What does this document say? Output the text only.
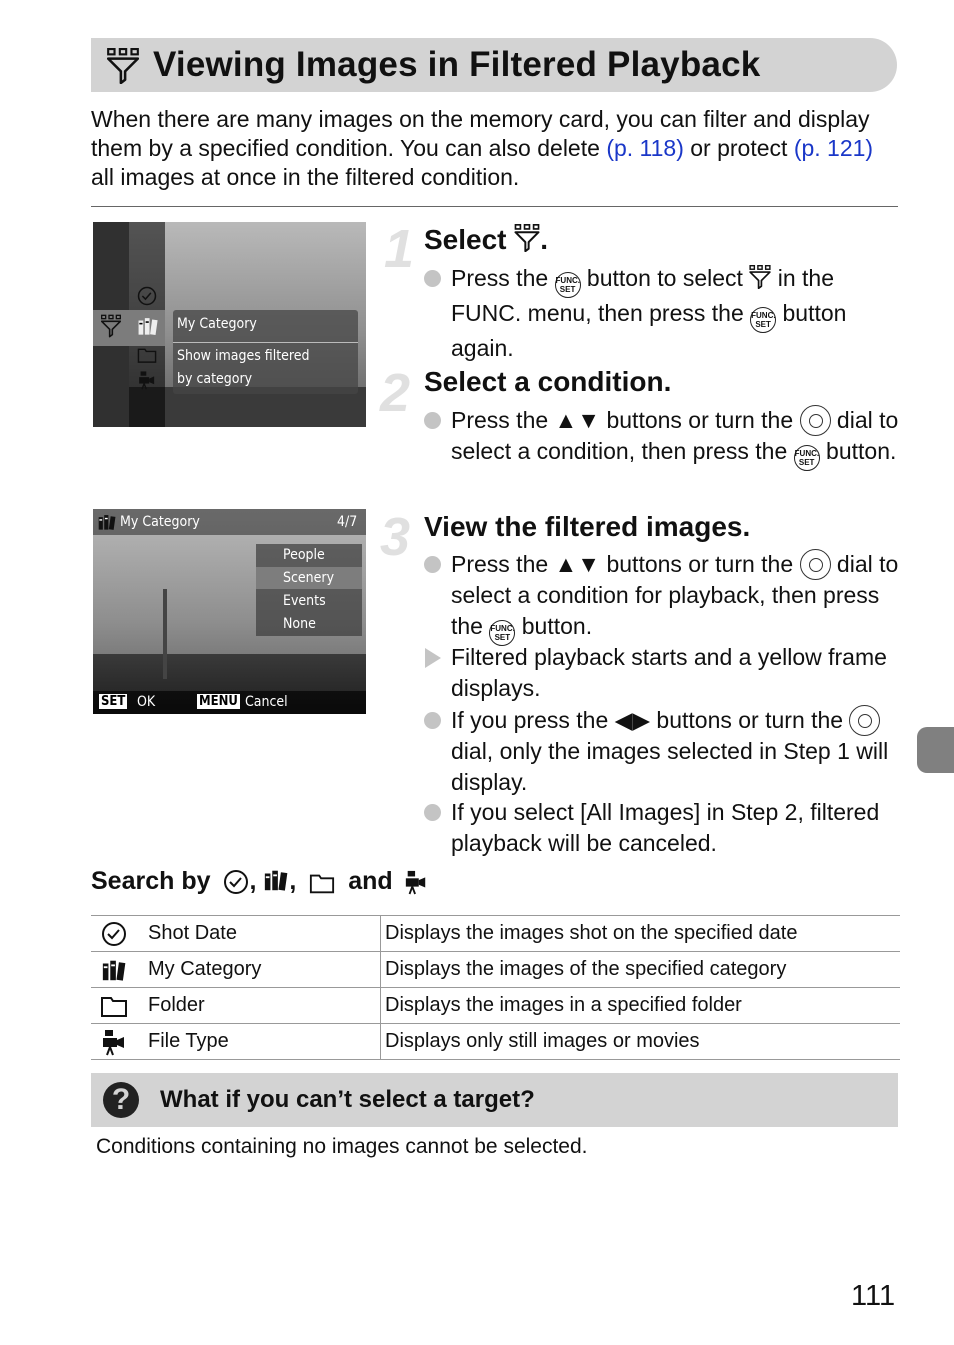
Viewing Images in Filtered Playback
When there are many images on the memory card, you can filter and display them by a specified condition. You can also delete (p. 118) or protect (p. 121) all images at once in the filtered condition.
My Category
Show images filtered
by category
My Category	4/7
People
Scenery
Events
None
SET OK	MENU Cancel
1
2
3
Select .
Press the FUNC.
SET button to select  in the FUNC. menu, then press the FUNC.
SET button again.
Select a condition.
Press the ▲▼ buttons or turn the  dial to select a condition, then press the FUNC.
SET button.
View the filtered images.
Press the ▲▼ buttons or turn the  dial to select a condition for playback, then press the FUNC.
SET button.
Filtered playback starts and a yellow frame displays.
If you press the ◀▶ buttons or turn the  dial, only the images selected in Step 1 will display.
If you select [All Images] in Step 2, filtered playback will be canceled.
Search by , , and
	Shot Date	Displays the images shot on the specified date
	My Category	Displays the images of the specified category
	Folder	Displays the images in a specified folder
	File Type	Displays only still images or movies
?	What if you can’t select a target?
Conditions containing no images cannot be selected.
111
